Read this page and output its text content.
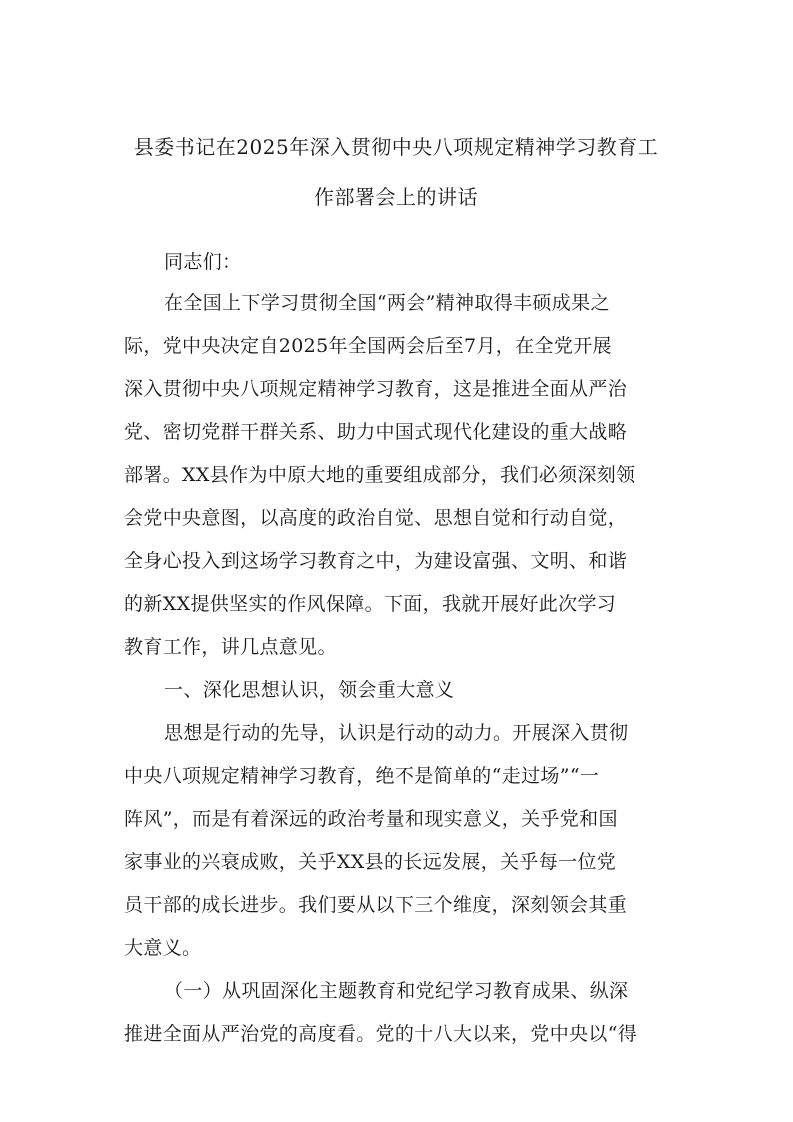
县委书记在2025年深入贯彻中央八项规定精神学习教育工
作部署会上的讲话

同志们：

在全国上下学习贯彻全国“两会”精神取得丰硕成果之

际，党中央决定自2025年全国两会后至7月，在全党开展

深入贯彻中央八项规定精神学习教育，这是推进全面从严治

党、密切党群干群关系、助力中国式现代化建设的重大战略

部署。XX县作为中原大地的重要组成部分，我们必须深刻领

会党中央意图，以高度的政治自觉、思想自觉和行动自觉，

全身心投入到这场学习教育之中，为建设富强、文明、和谐

的新XX提供坚实的作风保障。下面，我就开展好此次学习

教育工作，讲几点意见。

一、深化思想认识，领会重大意义

思想是行动的先导，认识是行动的动力。开展深入贯彻

中央八项规定精神学习教育，绝不是简单的“走过场”“一

阵风”，而是有着深远的政治考量和现实意义，关乎党和国

家事业的兴衰成败，关乎XX县的长远发展，关乎每一位党

员干部的成长进步。我们要从以下三个维度，深刻领会其重

大意义。

（一）从巩固深化主题教育和党纪学习教育成果、纵深

推进全面从严治党的高度看。党的十八大以来，党中央以“得
